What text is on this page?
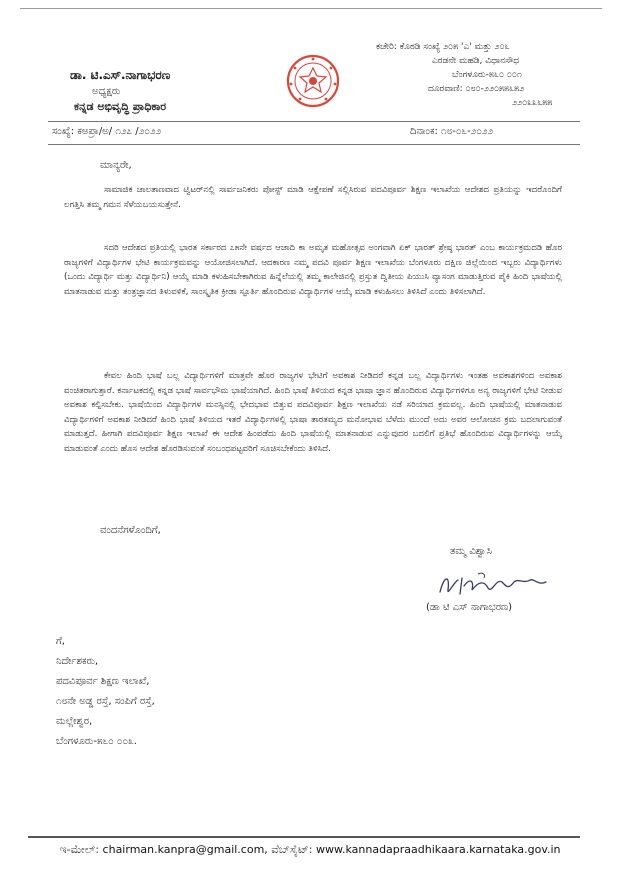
ಡಾ. ಟಿ.ಎಸ್.ನಾಗಾಭರಣ
ಅಧ್ಯಕ್ಷರು
ಕನ್ನಡ ಅಭಿವೃದ್ಧಿ ಪ್ರಾಧಿಕಾರ
ಕಚೇರಿ: ಕೊಠಡಿ ಸಂಖ್ಯೆ ೨೦೫ 'ಎ' ಮತ್ತು ೨೦೬
ಎರಡನೇ ಮಹಡಿ, ವಿಧಾನಸೌಧ
ಬೆಂಗಳೂರು-೫೬೦ ೦೦೧
ದೂರವಾಣಿ: ೦೮೦-೨೨೦೫೫೬೫೨
೨೨೦೩೩೬೫೫
ಸಂಖ್ಯೆ: ಕಅಪ್ರಾ/ಅ/ ೧೨೭ /೨೦೨೨	ದಿನಾಂಕ: ೧೮-೦೬-೨೦೨೨
ಮಾನ್ಯರೇ,
ಸಾಮಾಜಿಕ ಜಾಲತಾಣವಾದ ಟ್ವಿಟರ್‌ನಲ್ಲಿ ಸಾರ್ವಜನಿಕರು ಪೋಸ್ಟ್ ಮಾಡಿ ಆಕ್ಷೇಪಣೆ ಸಲ್ಲಿಸಿರುವ ಪದವಿಪೂರ್ವ ಶಿಕ್ಷಣ ಇಲಾಖೆಯ ಆದೇಶದ ಪ್ರತಿಯನ್ನು ಇದರೊಂದಿಗೆ ಲಗತ್ತಿಸಿ ತಮ್ಮ ಗಮನ ಸೆಳೆಯಬಯಸುತ್ತೇನೆ.
ಸದರಿ ಆದೇಶದ ಪ್ರತಿಯಲ್ಲಿ ಭಾರತ ಸರ್ಕಾರದ ೭೫ನೇ ವರ್ಷದ ಆಜಾದಿ ಕಾ ಅಮೃತ ಮಹೋತ್ಸವ ಅಂಗವಾಗಿ ಏಕ್ ಭಾರತ್ ಶ್ರೇಷ್ಠ ಭಾರತ್ ಎಂಬ ಕಾರ್ಯಕ್ರಮದಡಿ ಹೊರ ರಾಜ್ಯಗಳಿಗೆ ವಿದ್ಯಾರ್ಥಿಗಳ ಭೇಟಿ ಕಾರ್ಯಕ್ರಮವನ್ನು ಆಯೋಜಿಸಲಾಗಿದೆ. ಆದಕಾರಣ ನಮ್ಮ ಪದವಿ ಪೂರ್ವ ಶಿಕ್ಷಣ ಇಲಾಖೆಯ ಬೆಂಗಳೂರು ದಕ್ಷಿಣ ಜಿಲ್ಲೆಯಿಂದ ಇಬ್ಬರು ವಿದ್ಯಾರ್ಥಿಗಳು (ಒಂದು ವಿದ್ಯಾರ್ಥಿ ಮತ್ತು ವಿದ್ಯಾರ್ಥಿನಿ) ಆಯ್ಕೆ ಮಾಡಿ ಕಳುಹಿಸಬೇಕಾಗಿರುವ ಹಿನ್ನೆಲೆಯಲ್ಲಿ ತಮ್ಮ ಕಾಲೇಜಿನಲ್ಲಿ ಪ್ರಸ್ತುತ ದ್ವಿತೀಯ ಪಿಯುಸಿ ವ್ಯಾಸಂಗ ಮಾಡುತ್ತಿರುವ ಪೈಕಿ ಹಿಂದಿ ಭಾಷೆಯಲ್ಲಿ ಮಾತನಾಡುವ ಮತ್ತು ತಂತ್ರಜ್ಞಾನದ ತಿಳುವಳಿಕೆ, ಸಾಂಸ್ಕೃತಿಕ ಕ್ರೀಡಾ ಸ್ಫೂರ್ತಿ ಹೊಂದಿರುವ ವಿದ್ಯಾರ್ಥಿಗಳ ಆಯ್ಕೆ ಮಾಡಿ ಕಳುಹಿಸಲು ತಿಳಿಸಿದೆ ಎಂದು ತಿಳಿಸಲಾಗಿದೆ.
ಕೇವಲ ಹಿಂದಿ ಭಾಷೆ ಬಲ್ಲ ವಿದ್ಯಾರ್ಥಿಗಳಿಗೆ ಮಾತ್ರವೇ ಹೊರ ರಾಜ್ಯಗಳ ಭೇಟಿಗೆ ಅವಕಾಶ ನೀಡಿದರೆ ಕನ್ನಡ ಬಲ್ಲ ವಿದ್ಯಾರ್ಥಿಗಳು ಇಂತಹ ಅವಕಾಶಗಳಿಂದ ಅವಕಾಶ ವಂಚಿತರಾಗುತ್ತಾರೆ. ಕರ್ನಾಟಕದಲ್ಲಿ ಕನ್ನಡ ಭಾಷೆ ಸಾರ್ವಭೌಮ ಭಾಷೆಯಾಗಿದೆ. ಹಿಂದಿ ಭಾಷೆ ತಿಳಿಯದ ಕನ್ನಡ ಭಾಷಾ ಜ್ಞಾನ ಹೊಂದಿರುವ ವಿದ್ಯಾರ್ಥಿಗಳಿಗೂ ಅನ್ಯ ರಾಜ್ಯಗಳಿಗೆ ಭೇಟಿ ನೀಡುವ ಅವಕಾಶ ಕಲ್ಪಿಸಬೇಕು. ಭಾಷೆಯಿಂದ ವಿದ್ಯಾರ್ಥಿಗಳ ಮನಸ್ಸಿನಲ್ಲಿ ಭೇದಭಾವ ಬಿತ್ತುವ ಪದವಿಪೂರ್ವ ಶಿಕ್ಷಣ ಇಲಾಖೆಯ ನಡೆ ಸರಿಯಾದ ಕ್ರಮವಲ್ಲ. ಹಿಂದಿ ಭಾಷೆಯಲ್ಲಿ ಮಾತನಾಡುವ ವಿದ್ಯಾರ್ಥಿಗಳಿಗೆ ಅವಕಾಶ ನೀಡಿದರೆ ಹಿಂದಿ ಭಾಷೆ ತಿಳಿಯದ ಇತರೆ ವಿದ್ಯಾರ್ಥಿಗಳಲ್ಲಿ ಭಾಷಾ ತಾರತಮ್ಯದ ಮನೋಭಾವ ಬೆಳೆದು ಮುಂದೆ ಅದು ಅವರ ಆಲೋಚನ ಕ್ರಮ ಬದಲಾಗುವಂತೆ ಮಾಡುತ್ತದೆ. ಹೀಗಾಗಿ ಪದವಿಪೂರ್ವ ಶಿಕ್ಷಣ ಇಲಾಖೆ ಈ ಆದೇಶ ಹಿಂಪಡೆದು ಹಿಂದಿ ಭಾಷೆಯಲ್ಲಿ ಮಾತನಾಡುವ ಎನ್ನುವುದರ ಬದಲಿಗೆ ಪ್ರತಿಭೆ ಹೊಂದಿರುವ ವಿದ್ಯಾರ್ಥಿಗಳನ್ನು ಆಯ್ಕೆ ಮಾಡುವಂತೆ ಎಂದು ಹೊಸ ಆದೇಶ ಹೊರಡಿಸುವಂತೆ ಸಂಬಂಧಪಟ್ಟವರಿಗೆ ಸೂಚಿಸಬೇಕೆಂದು ತಿಳಿಸಿದೆ.
ವಂದನೆಗಳೊಂದಿಗೆ,
ತಮ್ಮ ವಿಶ್ವಾಸಿ
(ಡಾ ಟಿ ಎಸ್ ನಾಗಾಭರಣ)
ಗೆ,
ನಿರ್ದೇಶಕರು,
ಪದವಿಪೂರ್ವ ಶಿಕ್ಷಣ ಇಲಾಖೆ,
೧೮ನೇ ಅಡ್ಡ ರಸ್ತೆ, ಸಂಪಿಗೆ ರಸ್ತೆ,
ಮಲ್ಲೇಶ್ವರ,
ಬೆಂಗಳೂರು-೫೬೦ ೦೦೩.
ಇ-ಮೇಲ್: chairman.kanpra@gmail.com, ವೆಬ್‌ಸೈಟ್: www.kannadapraadhikaara.karnataka.gov.in
